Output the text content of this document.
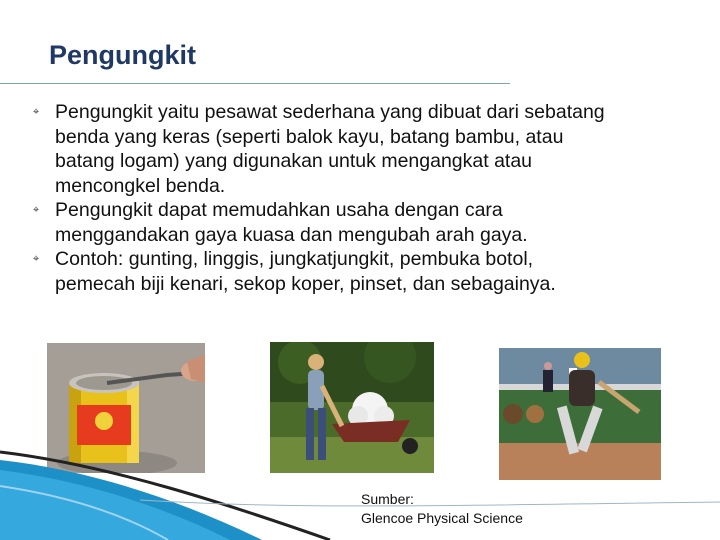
Pengungkit
⌖ Pengungkit yaitu pesawat sederhana yang dibuat dari sebatang
benda yang keras (seperti balok kayu, batang bambu, atau
batang logam) yang digunakan untuk mengangkat atau
mencongkel benda.
⌖ Pengungkit dapat memudahkan usaha dengan cara
menggandakan gaya kuasa dan mengubah arah gaya.
⌖ Contoh: gunting, linggis, jungkatjungkit, pembuka botol,
pemecah biji kenari, sekop koper, pinset, dan sebagainya.
Sumber:
Glencoe Physical Science
